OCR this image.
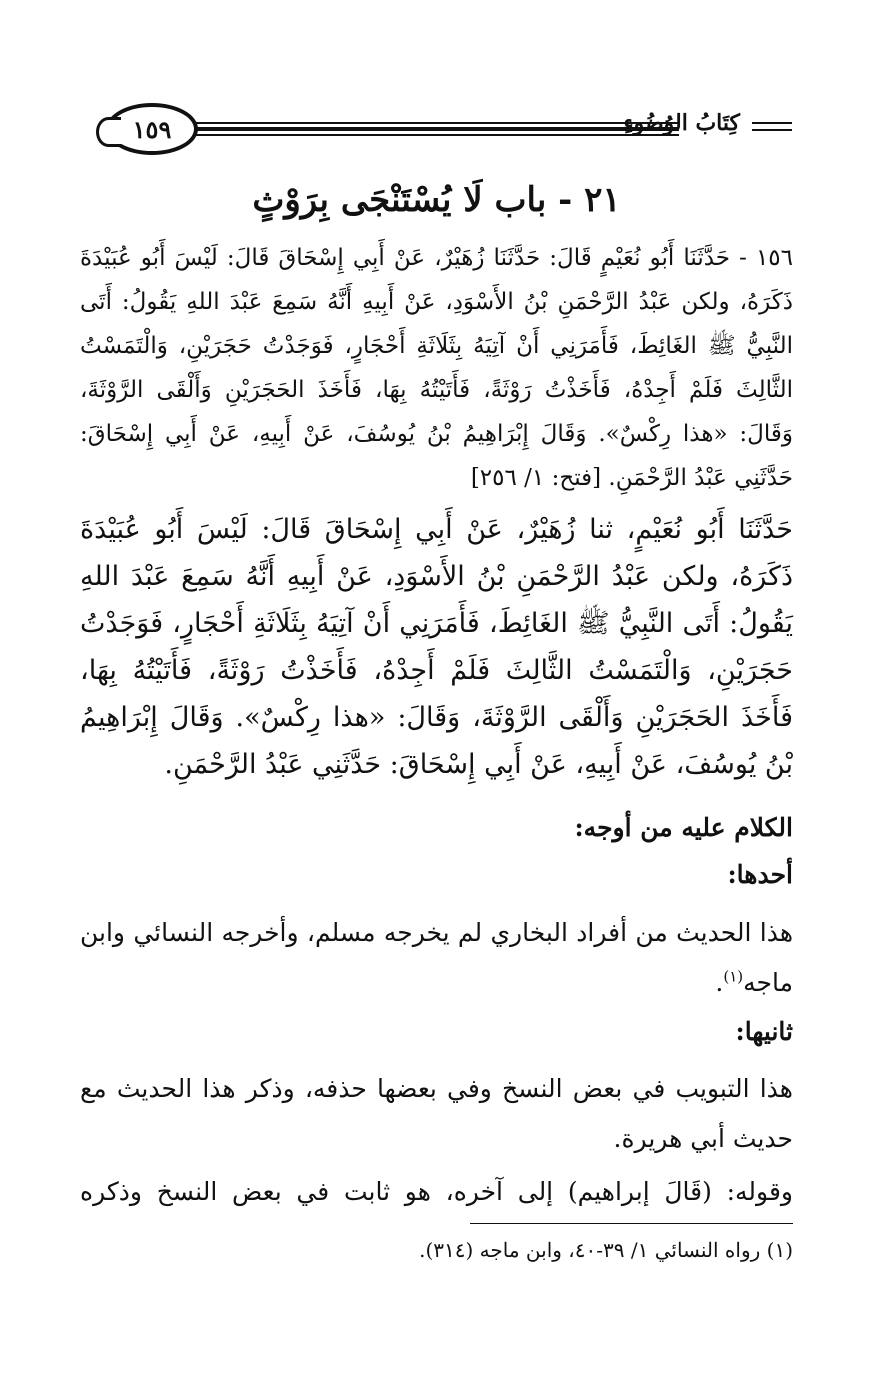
١٥٩	كِتَابُ الوُضُوءِ
٢١ - باب لَا يُسْتَنْجَى بِرَوْثٍ
١٥٦ - حَدَّثَنَا أَبُو نُعَيْمٍ قَالَ: حَدَّثَنَا زُهَيْرٌ، عَنْ أَبِي إِسْحَاقَ قَالَ: لَيْسَ أَبُو عُبَيْدَةَ ذَكَرَهُ، ولكن عَبْدُ الرَّحْمَنِ بْنُ الأَسْوَدِ، عَنْ أَبِيهِ أَنَّهُ سَمِعَ عَبْدَ اللهِ يَقُولُ: أَتَى النَّبِيُّ ﷺ الغَائِطَ، فَأَمَرَنِي أَنْ آتِيَهُ بِثَلَاثَةِ أَحْجَارٍ، فَوَجَدْتُ حَجَرَيْنِ، وَالْتَمَسْتُ الثَّالِثَ فَلَمْ أَجِدْهُ، فَأَخَذْتُ رَوْثَةً، فَأَتَيْتُهُ بِهَا، فَأَخَذَ الحَجَرَيْنِ وَأَلْقَى الرَّوْثَةَ، وَقَالَ: «هذا رِكْسٌ». وَقَالَ إِبْرَاهِيمُ بْنُ يُوسُفَ، عَنْ أَبِيهِ، عَنْ أَبِي إِسْحَاقَ: حَدَّثَنِي عَبْدُ الرَّحْمَنِ. [فتح: ١/ ٢٥٦]
حَدَّثَنَا أَبُو نُعَيْمٍ، ثنا زُهَيْرٌ، عَنْ أَبِي إِسْحَاقَ قَالَ: لَيْسَ أَبُو عُبَيْدَةَ ذَكَرَهُ، ولكن عَبْدُ الرَّحْمَنِ بْنُ الأَسْوَدِ، عَنْ أَبِيهِ أَنَّهُ سَمِعَ عَبْدَ اللهِ يَقُولُ: أَتَى النَّبِيُّ ﷺ الغَائِطَ، فَأَمَرَنِي أَنْ آتِيَهُ بِثَلَاثَةِ أَحْجَارٍ، فَوَجَدْتُ حَجَرَيْنِ، وَالْتَمَسْتُ الثَّالِثَ فَلَمْ أَجِدْهُ، فَأَخَذْتُ رَوْثَةً، فَأَتَيْتُهُ بِهَا، فَأَخَذَ الحَجَرَيْنِ وَأَلْقَى الرَّوْثَةَ، وَقَالَ: «هذا رِكْسٌ». وَقَالَ إِبْرَاهِيمُ بْنُ يُوسُفَ، عَنْ أَبِيهِ، عَنْ أَبِي إِسْحَاقَ: حَدَّثَنِي عَبْدُ الرَّحْمَنِ.
الكلام عليه من أوجه:
أحدها:
هذا الحديث من أفراد البخاري لم يخرجه مسلم، وأخرجه النسائي وابن ماجه$^{(١)}$.
ثانيها:
هذا التبويب في بعض النسخ وفي بعضها حذفه، وذكر هذا الحديث مع حديث أبي هريرة.
وقوله: (قَالَ إبراهيم) إلى آخره، هو ثابت في بعض النسخ وذكره
(١) رواه النسائي ١/ ٣٩-٤٠، وابن ماجه (٣١٤).
